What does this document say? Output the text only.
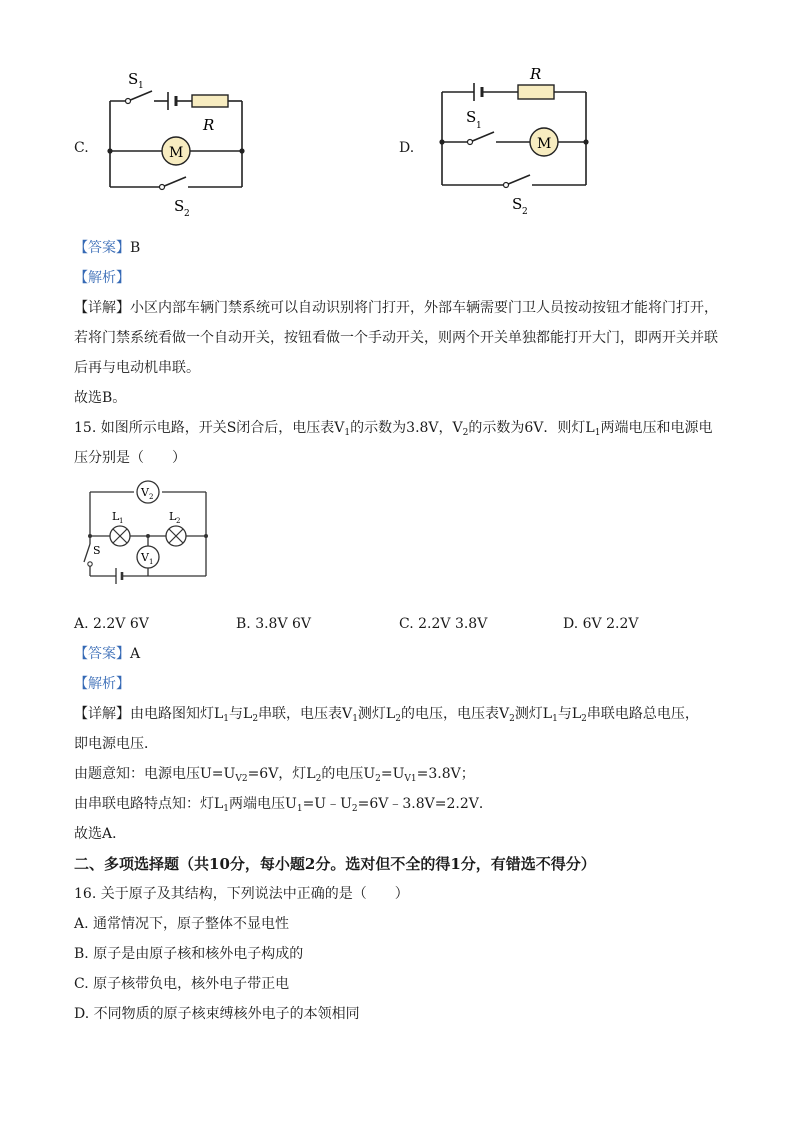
C.
S 1
R
M
S 2
D.
R
S 1
M
S 2
【答案】B
【解析】
【详解】小区内部车辆门禁系统可以自动识别将门打开，外部车辆需要门卫人员按动按钮才能将门打开，
若将门禁系统看做一个自动开关，按钮看做一个手动开关，则两个开关单独都能打开大门，即两开关并联
后再与电动机串联。
故选B。
15. 如图所示电路，开关S闭合后，电压表$V_1$的示数为3.8V，$V_2$的示数为6V．则灯$L_1$两端电压和电源电
压分别是（　　）
V 2
L 1	L 2
V 1
S
A. 2.2V 6V	B. 3.8V 6V	C. 2.2V 3.8V	D. 6V 2.2V
【答案】A
【解析】
【详解】由电路图知灯$L_1$与$L_2$串联，电压表$V_1$测灯$L_2$的电压，电压表$V_2$测灯$L_1$与$L_2$串联电路总电压，
即电源电压．
由题意知：电源电压$U=U_{V2}=6V$，灯$L_2$的电压$U_2=U_{V1}=3.8V$；
由串联电路特点知：灯$L_1$两端电压$U_1=U﹣U_2=6V﹣3.8V=2.2V$．
故选A．
二、多项选择题（共10分，每小题2分。选对但不全的得1分，有错选不得分）
16. 关于原子及其结构，下列说法中正确的是（　　）
A. 通常情况下，原子整体不显电性
B. 原子是由原子核和核外电子构成的
C. 原子核带负电，核外电子带正电
D. 不同物质的原子核束缚核外电子的本领相同
